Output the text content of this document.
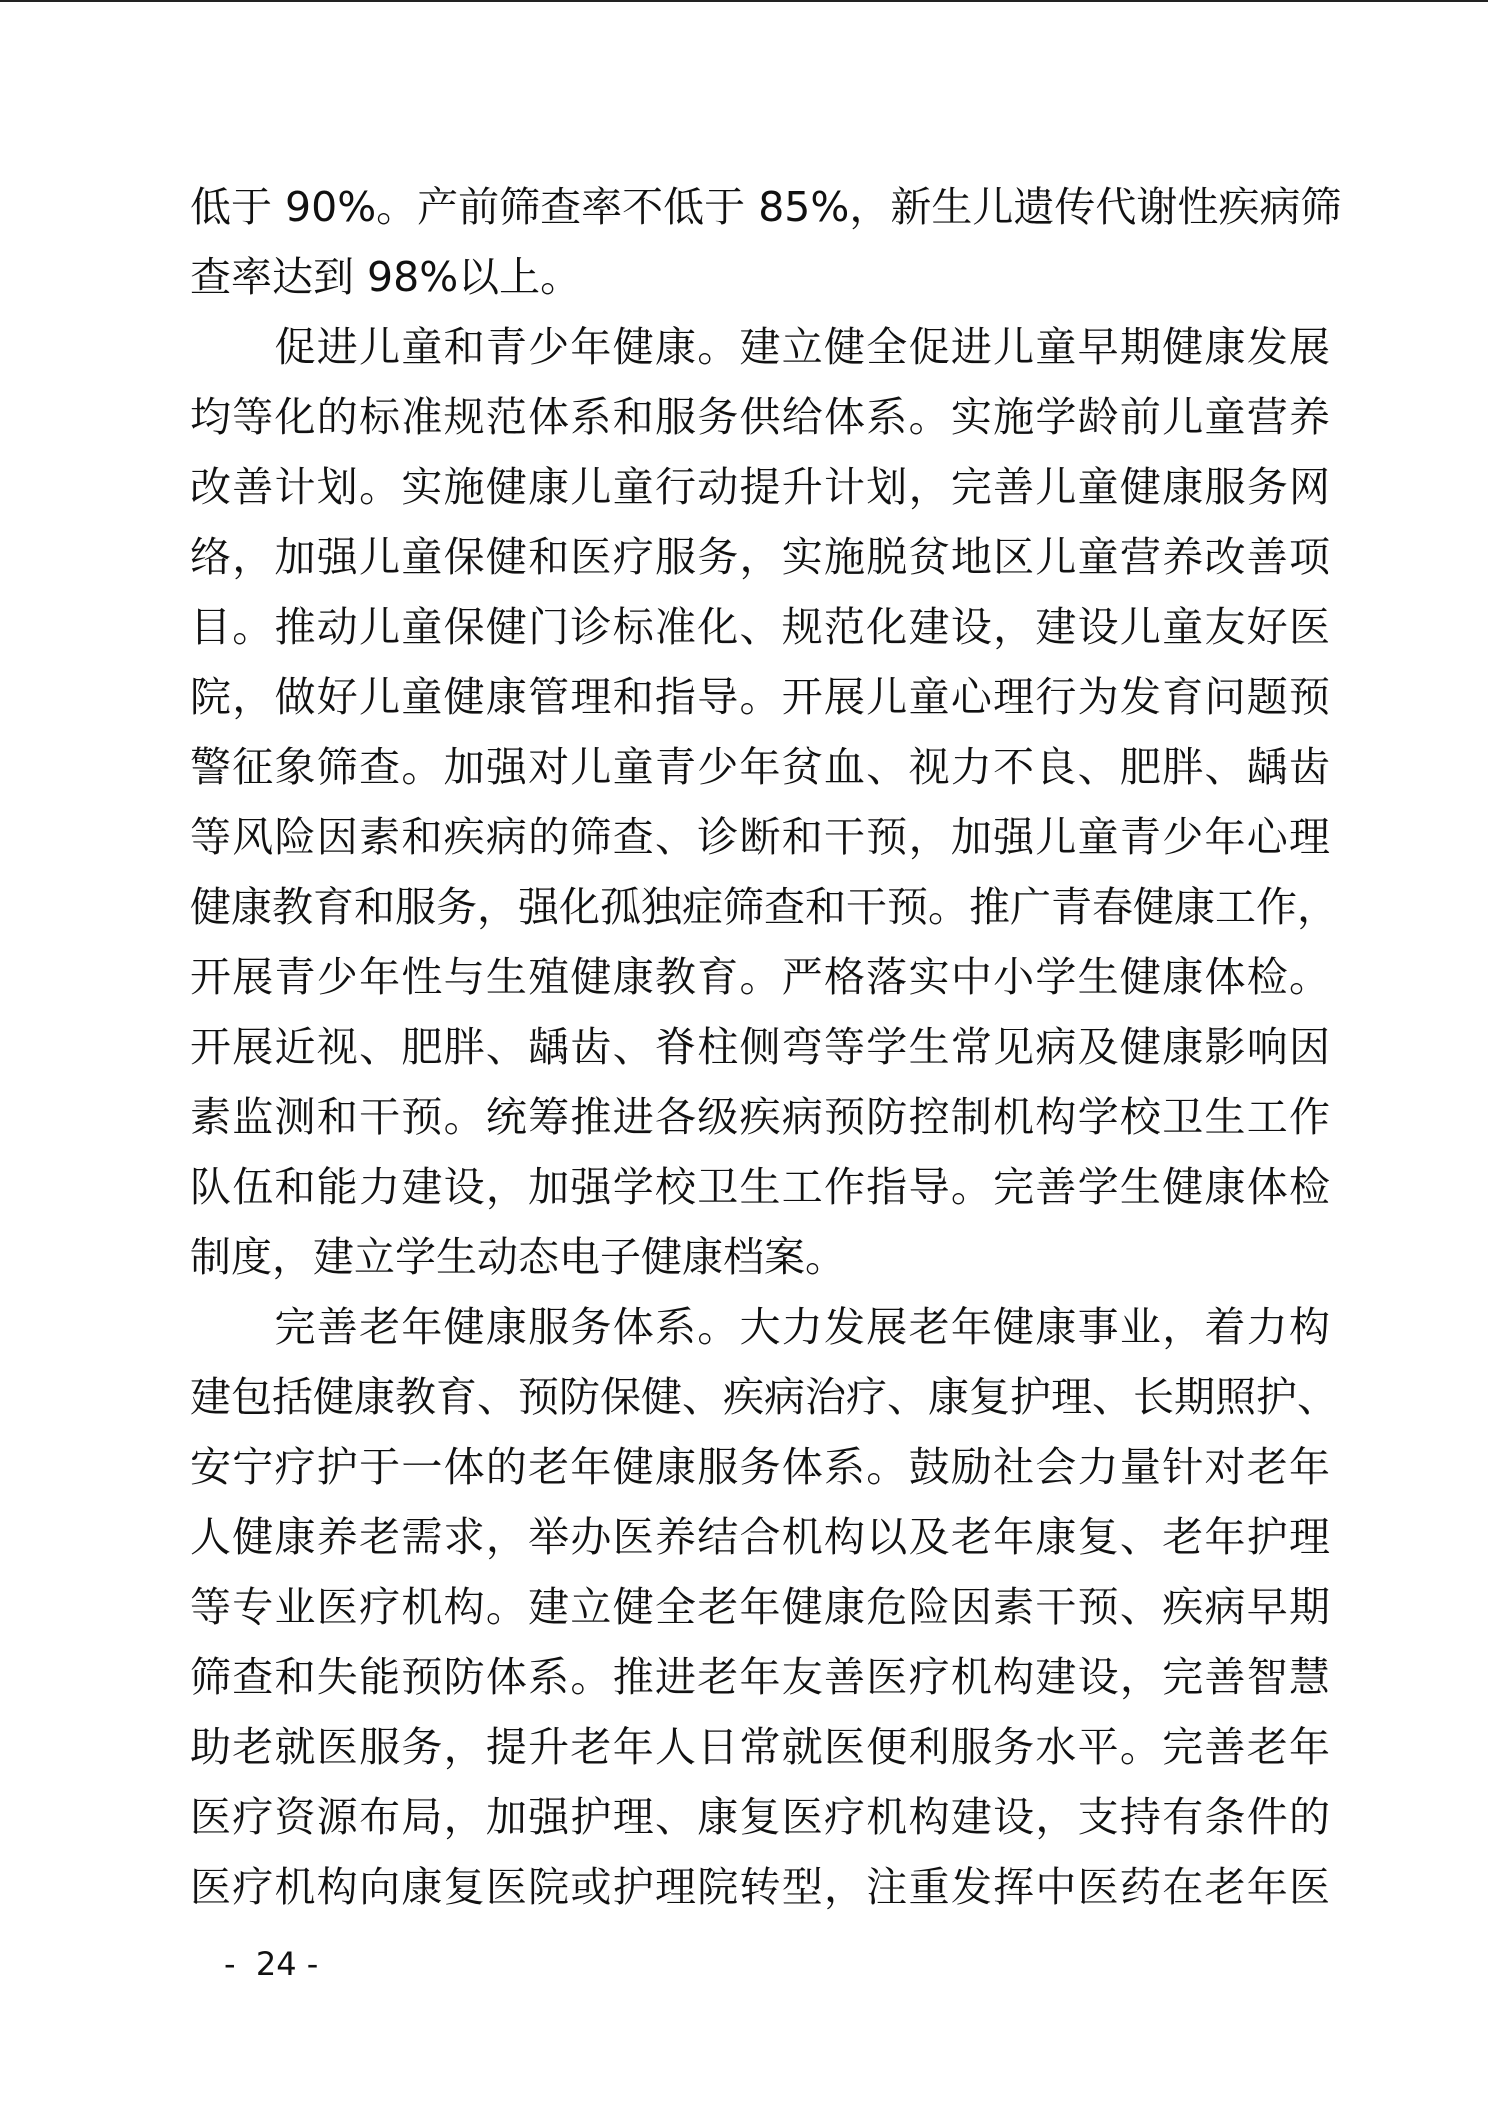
低于 90%。产前筛查率不低于 85%，新生儿遗传代谢性疾病筛
查率达到 98%以上。
　　促进儿童和青少年健康。建立健全促进儿童早期健康发展
均等化的标准规范体系和服务供给体系。实施学龄前儿童营养
改善计划。实施健康儿童行动提升计划，完善儿童健康服务网
络，加强儿童保健和医疗服务，实施脱贫地区儿童营养改善项
目。推动儿童保健门诊标准化、规范化建设，建设儿童友好医
院，做好儿童健康管理和指导。开展儿童心理行为发育问题预
警征象筛查。加强对儿童青少年贫血、视力不良、肥胖、龋齿
等风险因素和疾病的筛查、诊断和干预，加强儿童青少年心理
健康教育和服务，强化孤独症筛查和干预。推广青春健康工作，
开展青少年性与生殖健康教育。严格落实中小学生健康体检。
开展近视、肥胖、龋齿、脊柱侧弯等学生常见病及健康影响因
素监测和干预。统筹推进各级疾病预防控制机构学校卫生工作
队伍和能力建设，加强学校卫生工作指导。完善学生健康体检
制度，建立学生动态电子健康档案。
　　完善老年健康服务体系。大力发展老年健康事业，着力构
建包括健康教育、预防保健、疾病治疗、康复护理、长期照护、
安宁疗护于一体的老年健康服务体系。鼓励社会力量针对老年
人健康养老需求，举办医养结合机构以及老年康复、老年护理
等专业医疗机构。建立健全老年健康危险因素干预、疾病早期
筛查和失能预防体系。推进老年友善医疗机构建设，完善智慧
助老就医服务，提升老年人日常就医便利服务水平。完善老年
医疗资源布局，加强护理、康复医疗机构建设，支持有条件的
医疗机构向康复医院或护理院转型，注重发挥中医药在老年医
-  24 -
